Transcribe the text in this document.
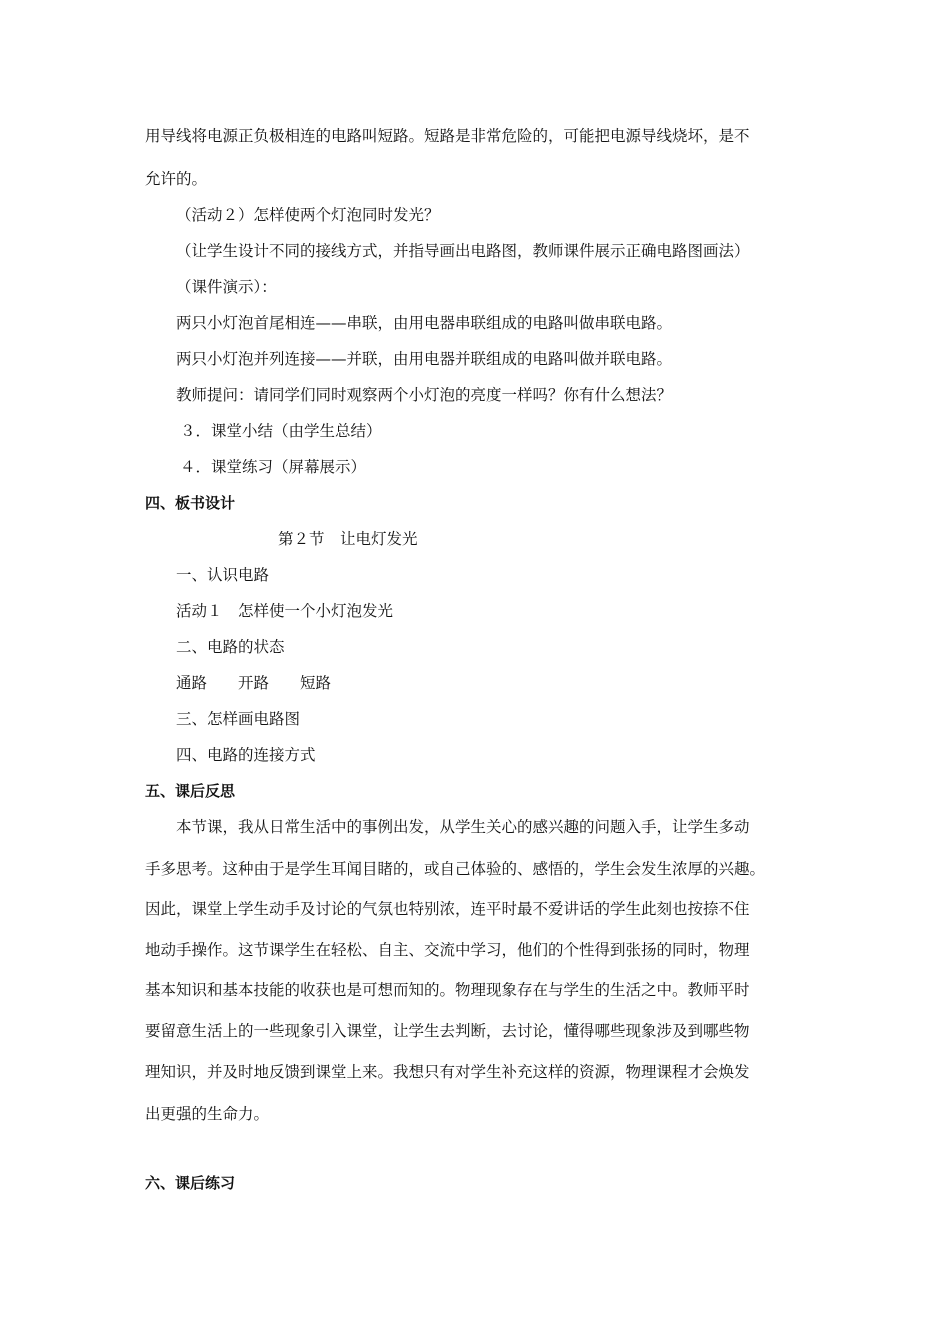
用导线将电源正负极相连的电路叫短路。短路是非常危险的，可能把电源导线烧坏，是不
允许的。
（活动２）怎样使两个灯泡同时发光？
（让学生设计不同的接线方式，并指导画出电路图，教师课件展示正确电路图画法）
（课件演示）：
两只小灯泡首尾相连——串联，由用电器串联组成的电路叫做串联电路。
两只小灯泡并列连接——并联，由用电器并联组成的电路叫做并联电路。
教师提问：请同学们同时观察两个小灯泡的亮度一样吗？你有什么想法？
３．课堂小结（由学生总结）
４．课堂练习（屏幕展示）
四、板书设计
第２节　让电灯发光
一、认识电路
活动１　怎样使一个小灯泡发光
二、电路的状态
通路　　开路　　短路
三、怎样画电路图
四、电路的连接方式
五、课后反思
本节课，我从日常生活中的事例出发，从学生关心的感兴趣的问题入手，让学生多动
手多思考。这种由于是学生耳闻目睹的，或自己体验的、感悟的，学生会发生浓厚的兴趣。
因此，课堂上学生动手及讨论的气氛也特别浓，连平时最不爱讲话的学生此刻也按捺不住
地动手操作。这节课学生在轻松、自主、交流中学习，他们的个性得到张扬的同时，物理
基本知识和基本技能的收获也是可想而知的。物理现象存在与学生的生活之中。教师平时
要留意生活上的一些现象引入课堂，让学生去判断，去讨论，懂得哪些现象涉及到哪些物
理知识，并及时地反馈到课堂上来。我想只有对学生补充这样的资源，物理课程才会焕发
出更强的生命力。
六、课后练习
